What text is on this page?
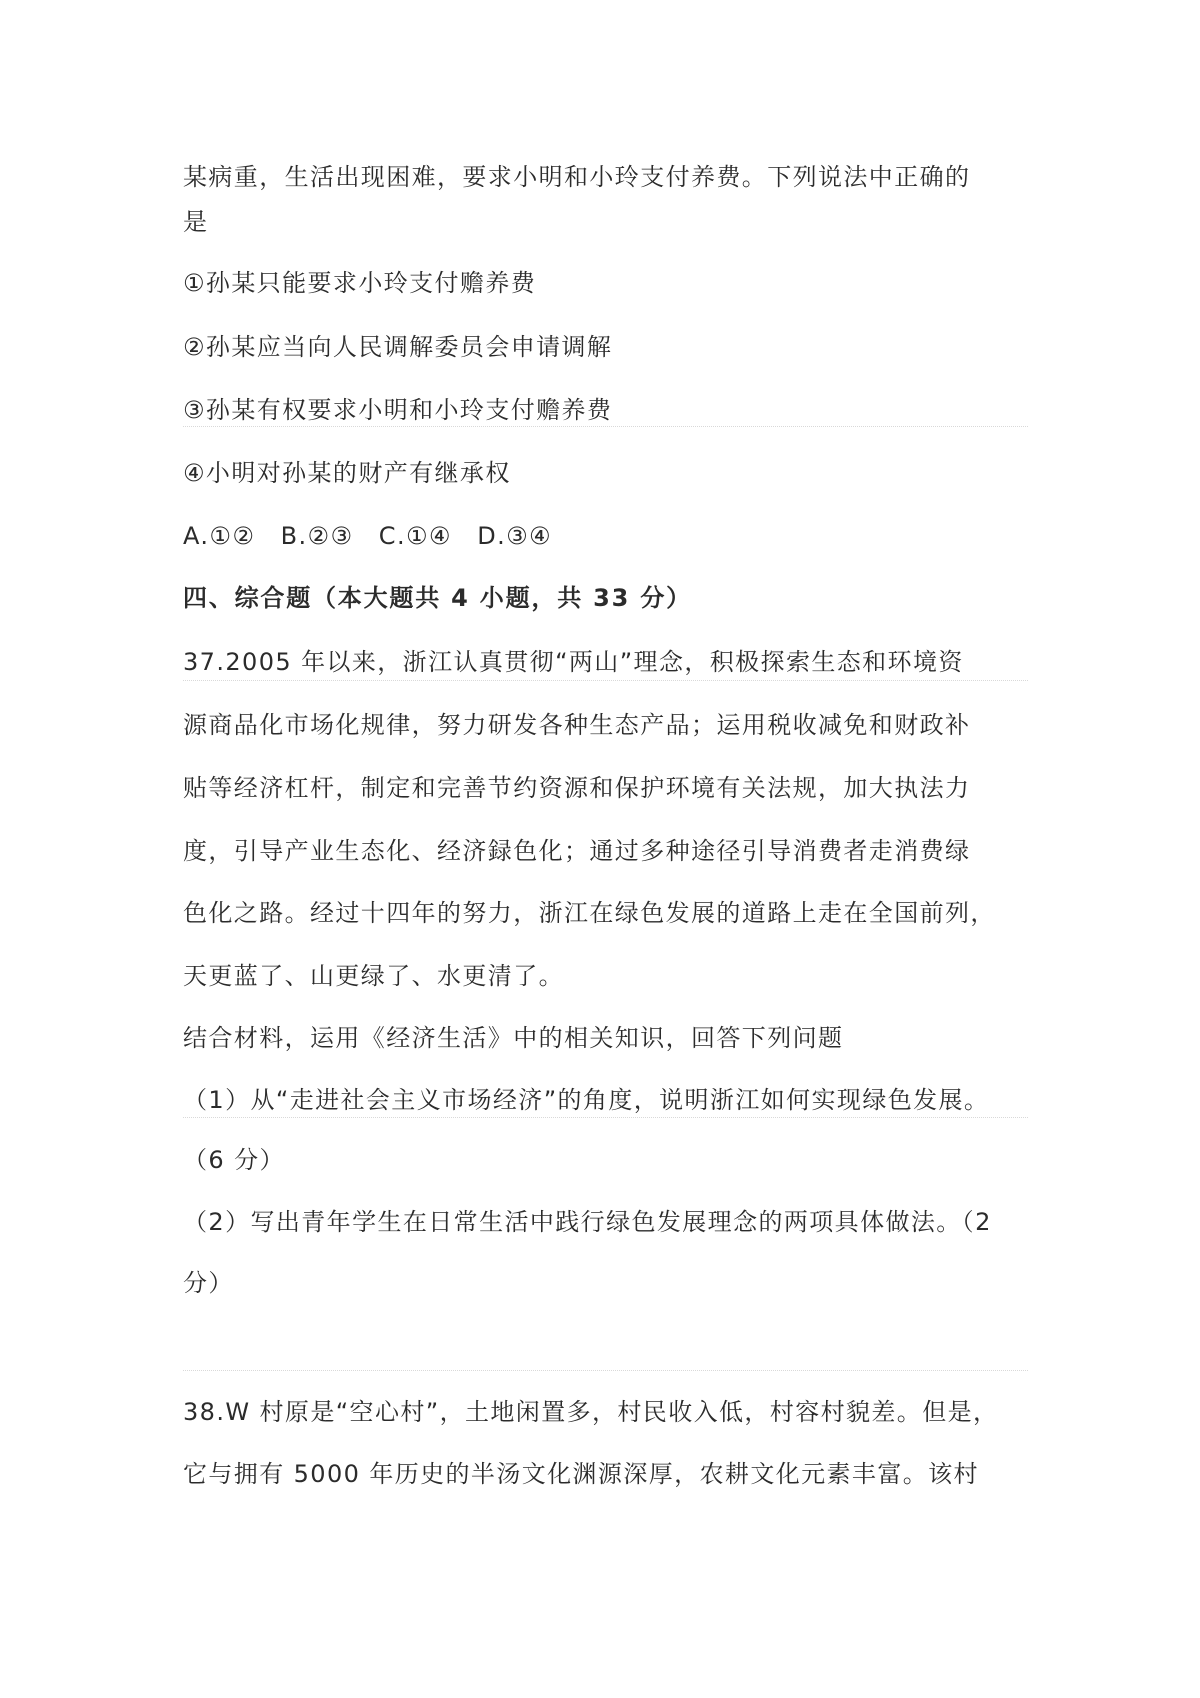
某病重，生活出现困难，要求小明和小玲支付养费。下列说法中正确的
是
①孙某只能要求小玲支付赡养费
②孙某应当向人民调解委员会申请调解
③孙某有权要求小明和小玲支付赡养费
④小明对孙某的财产有继承权
A.①②　B.②③　C.①④　D.③④
四、综合题（本大题共 4 小题，共 33 分）
37.2005 年以来，浙江认真贯彻“两山”理念，积极探索生态和环境资
源商品化市场化规律，努力研发各种生态产品；运用税收减免和财政补
贴等经济杠杆，制定和完善节约资源和保护环境有关法规，加大执法力
度，引导产业生态化、经济録色化；通过多种途径引导消费者走消费绿
色化之路。经过十四年的努力，浙江在绿色发展的道路上走在全国前列，
天更蓝了、山更绿了、水更清了。
结合材料，运用《经济生活》中的相关知识，回答下列问题
（1）从“走进社会主义市场经济”的角度，说明浙江如何实现绿色发展。
（6 分）
（2）写出青年学生在日常生活中践行绿色发展理念的两项具体做法。（2
分）
38.W 村原是“空心村”，土地闲置多，村民收入低，村容村貌差。但是，
它与拥有 5000 年历史的半汤文化渊源深厚，农耕文化元素丰富。该村
